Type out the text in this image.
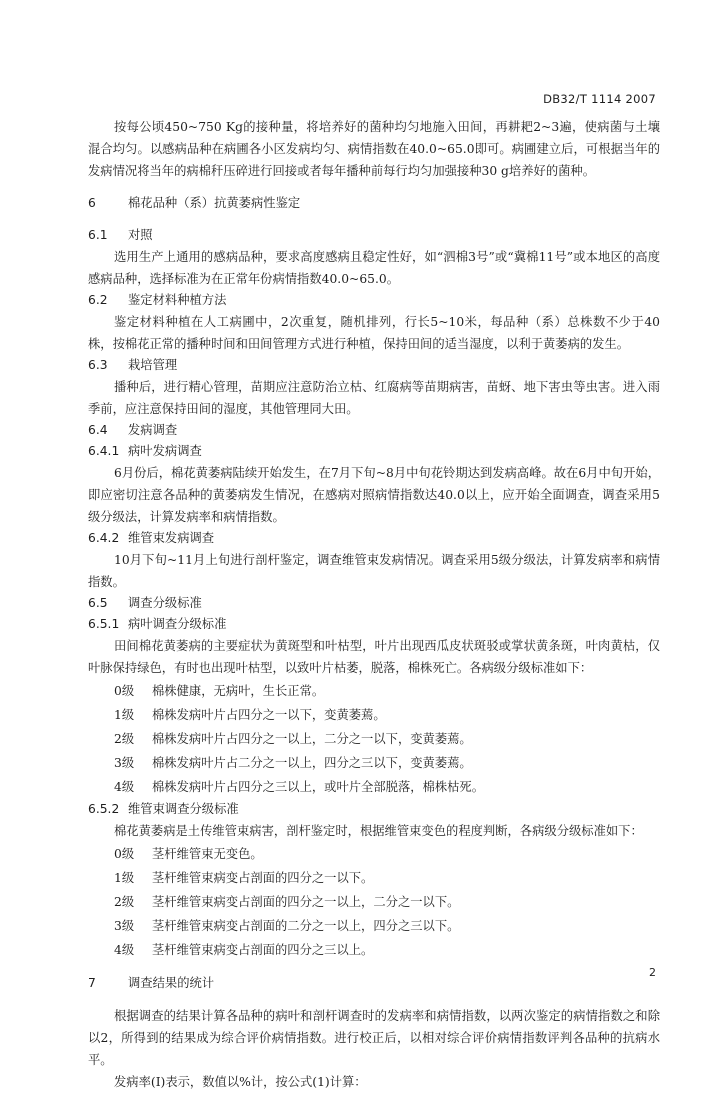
DB32/T 1114 2007

按每公顷450~750 Kg的接种量，将培养好的菌种均匀地施入田间，再耕耙2~3遍，使病菌与土壤混合均匀。以感病品种在病圃各小区发病均匀、病情指数在40.0~65.0即可。病圃建立后，可根据当年的发病情况将当年的病棉秆压碎进行回接或者每年播种前每行均匀加强接种30 g培养好的菌种。

6	棉花品种（系）抗黄萎病性鉴定

6.1 对照

选用生产上通用的感病品种，要求高度感病且稳定性好，如“泗棉3号”或“冀棉11号”或本地区的高度感病品种，选择标准为在正常年份病情指数40.0~65.0。

6.2 鉴定材料种植方法

鉴定材料种植在人工病圃中，2次重复，随机排列，行长5~10米，每品种（系）总株数不少于40株，按棉花正常的播种时间和田间管理方式进行种植，保持田间的适当湿度，以利于黄萎病的发生。

6.3 栽培管理

播种后，进行精心管理，苗期应注意防治立枯、红腐病等苗期病害，苗蚜、地下害虫等虫害。进入雨季前，应注意保持田间的湿度，其他管理同大田。

6.4 发病调查

6.4.1 病叶发病调查

6月份后，棉花黄萎病陆续开始发生，在7月下旬~8月中旬花铃期达到发病高峰。故在6月中旬开始，即应密切注意各品种的黄萎病发生情况，在感病对照病情指数达40.0以上，应开始全面调查，调查采用5级分级法，计算发病率和病情指数。

6.4.2 维管束发病调查

10月下旬~11月上旬进行剖杆鉴定，调查维管束发病情况。调查采用5级分级法，计算发病率和病情指数。

6.5 调查分级标准

6.5.1 病叶调查分级标准

田间棉花黄萎病的主要症状为黄斑型和叶枯型，叶片出现西瓜皮状斑驳或掌状黄条斑，叶肉黄枯，仅叶脉保持绿色，有时也出现叶枯型，以致叶片枯萎，脱落，棉株死亡。各病级分级标准如下：

0级 棉株健康，无病叶，生长正常。

1级 棉株发病叶片占四分之一以下，变黄萎蔫。

2级 棉株发病叶片占四分之一以上，二分之一以下，变黄萎蔫。

3级 棉株发病叶片占二分之一以上，四分之三以下，变黄萎蔫。

4级 棉株发病叶片占四分之三以上，或叶片全部脱落，棉株枯死。

6.5.2 维管束调查分级标准

棉花黄萎病是土传维管束病害，剖杆鉴定时，根据维管束变色的程度判断，各病级分级标准如下：

0级 茎杆维管束无变色。

1级 茎杆维管束病变占剖面的四分之一以下。

2级 茎杆维管束病变占剖面的四分之一以上，二分之一以下。

3级 茎杆维管束病变占剖面的二分之一以上，四分之三以下。

4级 茎杆维管束病变占剖面的四分之三以上。

7	调查结果的统计

根据调查的结果计算各品种的病叶和剖杆调查时的发病率和病情指数，以两次鉴定的病情指数之和除以2，所得到的结果成为综合评价病情指数。进行校正后，以相对综合评价病情指数评判各品种的抗病水平。

发病率(I)表示，数值以%计，按公式(1)计算：

2
